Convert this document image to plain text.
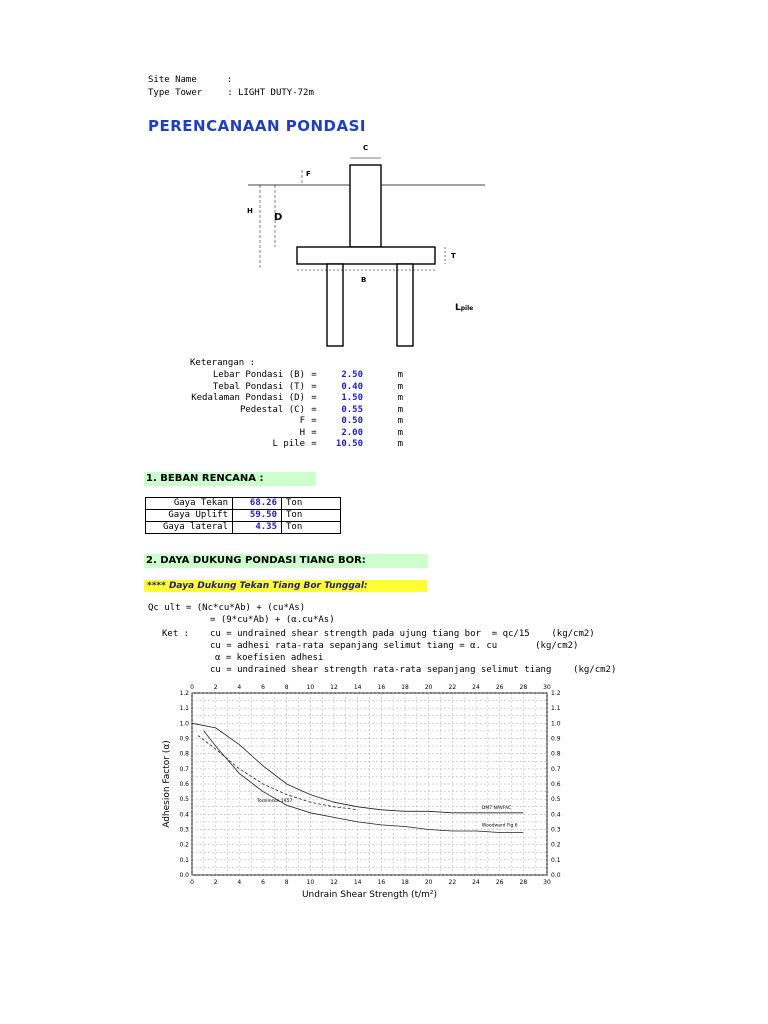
Site Name	:
Type Tower	: LIGHT DUTY-72m
PERENCANAAN PONDASI
C
F
H
D
T
B
Lpile
Keterangan :
Lebar Pondasi (B) =	2.50	m
Tebal Pondasi (T) =	0.40	m
Kedalaman Pondasi (D) =	1.50	m
Pedestal (C) =	0.55	m
F =	0.50	m
H =	2.00	m
L pile =	10.50	m
1. BEBAN RENCANA :
Gaya Tekan	68.26	Ton
Gaya Uplift	59.50	Ton
Gaya lateral	4.35	Ton
2. DAYA DUKUNG PONDASI TIANG BOR:
**** Daya Dukung Tekan Tiang Bor Tunggal:
Qc ult = (Nc*cu*Ab) + (cu*As)
= (9*cu*Ab) + (α.cu*As)
Ket : cu = undrained shear strength pada ujung tiang bor  = qc/15    (kg/cm2)
cu = adhesi rata-rata sepanjang selimut tiang = α. cu       (kg/cm2)
α = koefisien adhesi
cu = undrained shear strength rata-rata sepanjang selimut tiang    (kg/cm2)
0
0
2
2
4
4
6
6
8
8
10
10
12
12
14
14
16
16
18
18
20
20
22
22
24
24
26
26
28
28
30
30
0.0	0.0
0.1	0.1
0.2	0.2
0.3	0.3
0.4	0.4
0.5	0.5
0.6	0.6
0.7	0.7
0.8	0.8
0.9	0.9
1.0	1.0
1.1	1.1
1.2	1.2
Tomlinson 1957
DM7 NAVFAC
Woodward Fig 6
Undrain Shear Strength (t/m²)
Adhesion Factor (α)
